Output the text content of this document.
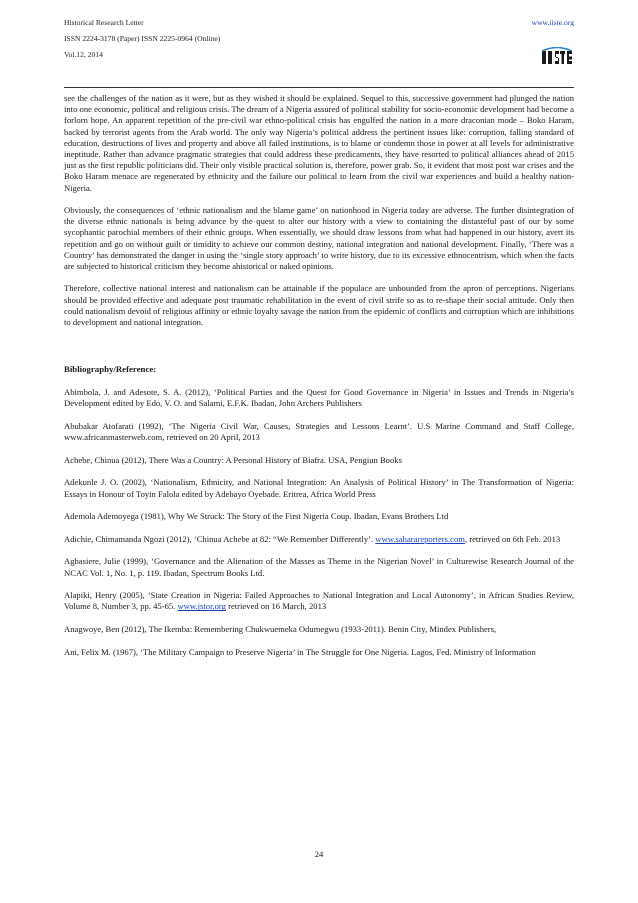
Historical Research Letter
ISSN 2224-3178 (Paper) ISSN 2225-0964 (Online)
Vol.12, 2014
www.iiste.org

see the challenges of the nation as it were, but as they wished it should be explained. Sequel to this, successive government had plunged the nation into one economic, political and religious crisis. The dream of a Nigeria assured of political stability for socio-economic development had become a forlorn hope. An apparent repetition of the pre-civil war ethno-political crisis has engulfed the nation in a more draconian mode – Boko Haram, backed by terrorist agents from the Arab world. The only way Nigeria’s political address the pertinent issues like: corruption, falling standard of education, destructions of lives and property and above all failed institutions, is to blame or condemn those in power at all levels for administrative ineptitude. Rather than advance pragmatic strategies that could address these predicaments, they have resorted to political alliances ahead of 2015 just as the first republic politicians did. Their only visible practical solution is, therefore, power grab. So, it evident that most post war crises and the Boko Haram menace are regenerated by ethnicity and the failure our political to learn from the civil war experiences and build a healthy nation- Nigeria.

Obviously, the consequences of ‘ethnic nationalism and the blame game’ on nationhood in Nigeria today are adverse. The further disintegration of the diverse ethnic nationals is being advance by the quest to alter our history with a view to containing the distasteful past of our by some sycophantic parochial members of their ethnic groups. When essentially, we should draw lessons from what had happened in our history, avert its repetition and go on without guilt or timidity to achieve our common destiny, national integration and national development. Finally, ‘There was a Country’ has demonstrated the danger in using the ‘single story approach’ to write history, due to its excessive ethnocentrism, which when the facts are subjected to historical criticism they become ahistorical or naked opinions.

Therefore, collective national interest and nationalism can be attainable if the populace are unbounded from the apron of perceptions. Nigerians should be provided effective and adequate post traumatic rehabilitation in the event of civil strife so as to re-shape their social attitude. Only then could nationalism devoid of religious affinity or ethnic loyalty savage the nation from the epidemic of conflicts and corruption which are inhibitions to development and national integration.

Bibliography/Reference:

Abimbola, J. and Adesote, S. A. (2012), ‘Political Parties and the Quest for Good Governance in Nigeria’ in Issues and Trends in Nigeria’s Development edited by Edo, V. O. and Salami, E.F.K. Ibadan, John Archers Publishers

Abubakar Atofarati (1992), ‘The Nigeria Civil War, Causes, Strategies and Lessons Learnt’. U.S Marine Command and Staff College, www.africanmasterweb.com, retrieved on 20 April, 2013

Achebe, Chinua (2012), There Was a Country: A Personal History of Biafra. USA, Pengiun Books

Adekunle J. O. (2002), ‘Nationalism, Ethnicity, and National Integration: An Analysis of Political History’ in The Transformation of Nigeria: Essays in Honour of Toyin Falola edited by Adebayo Oyebade. Eritrea, Africa World Press

Ademola Ademoyega (1981), Why We Struck: The Story of the First Nigeria Coup. Ibadan, Evans Brothers Ltd

Adichie, Chimamanda Ngozi (2012), ‘Chinua Achebe at 82: “We Remember Differently’. www.saharareporters.com, retrieved on 6th Feb. 2013

Agbasiere, Julie (1999), ‘Governance and the Alienation of the Masses as Theme in the Nigerian Novel’ in Culturewise Research Journal of the NCAC Vol. 1, No. 1, p. 119. Ibadan, Spectrum Books Ltd.

Alapiki, Henry (2005), ‘State Creation in Nigeria: Failed Approaches to National Integration and Local Autonomy’, in African Studies Review, Volume 8, Number 3, pp. 45-65. www.jstor.org retrieved on 16 March, 2013

Anagwoye, Ben (2012), The Ikemba: Remembering Chukwuemeka Odumegwu (1933-2011). Benin City, Mindex Publishers,

Ani, Felix M. (1967), ‘The Military Campaign to Preserve Nigeria’ in The Struggle for One Nigeria. Lagos, Fed. Ministry of Information

24
